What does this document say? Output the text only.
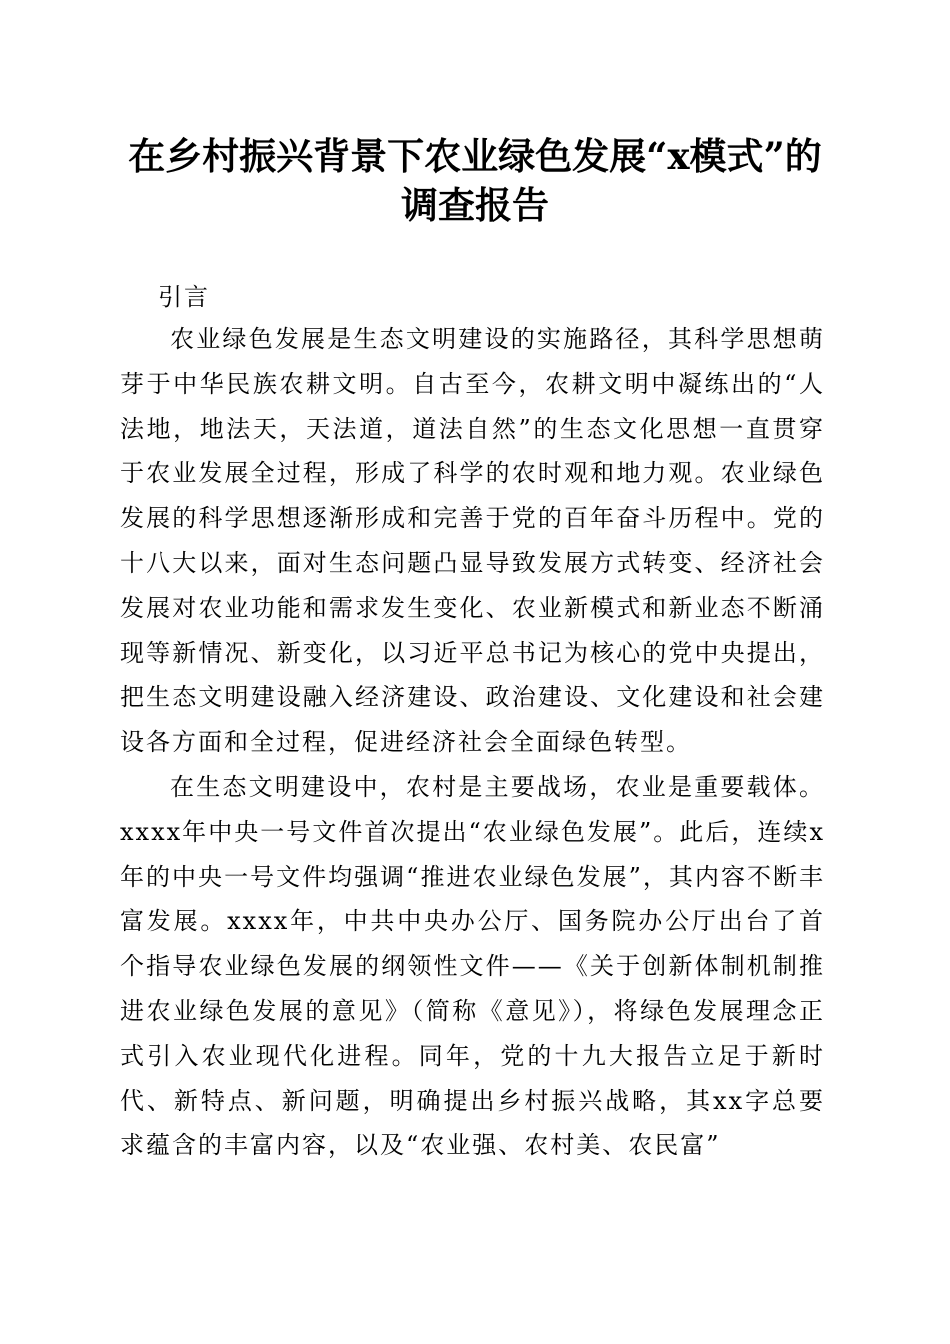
在乡村振兴背景下农业绿色发展“x模式”的
调查报告

引言

农业绿色发展是生态文明建设的实施路径，其科学思想萌芽于中华民族农耕文明。自古至今，农耕文明中凝练出的“人法地，地法天，天法道，道法自然”的生态文化思想一直贯穿于农业发展全过程，形成了科学的农时观和地力观。农业绿色发展的科学思想逐渐形成和完善于党的百年奋斗历程中。党的十八大以来，面对生态问题凸显导致发展方式转变、经济社会发展对农业功能和需求发生变化、农业新模式和新业态不断涌现等新情况、新变化，以习近平总书记为核心的党中央提出，把生态文明建设融入经济建设、政治建设、文化建设和社会建设各方面和全过程，促进经济社会全面绿色转型。

在生态文明建设中，农村是主要战场，农业是重要载体。xxxx年中央一号文件首次提出“农业绿色发展”。此后，连续x年的中央一号文件均强调“推进农业绿色发展”，其内容不断丰富发展。xxxx年，中共中央办公厅、国务院办公厅出台了首个指导农业绿色发展的纲领性文件——《关于创新体制机制推进农业绿色发展的意见》（简称《意见》），将绿色发展理念正式引入农业现代化进程。同年，党的十九大报告立足于新时代、新特点、新问题，明确提出乡村振兴战略，其xx字总要求蕴含的丰富内容，以及“农业强、农村美、农民富”
